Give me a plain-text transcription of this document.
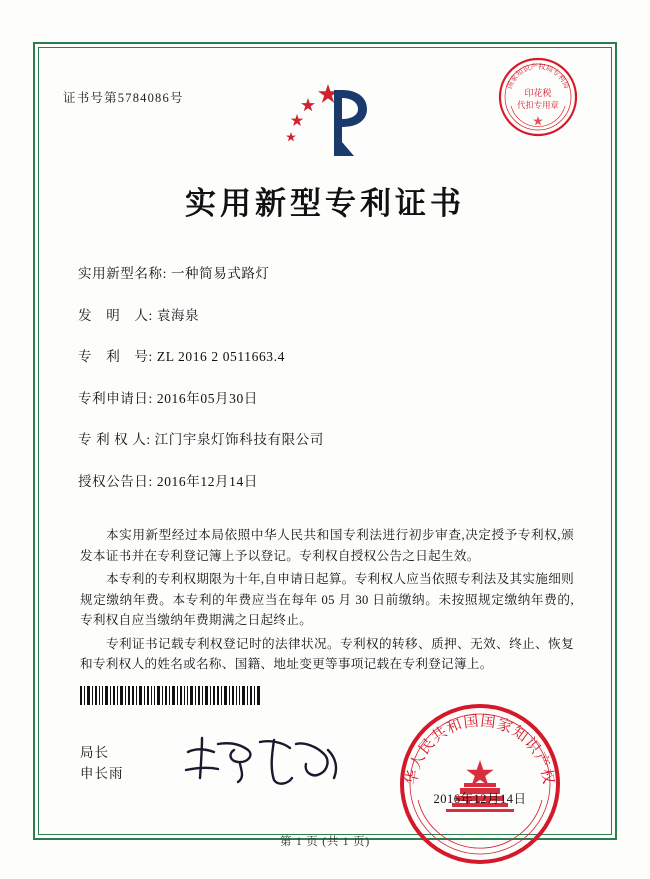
证书号第5784086号
国家知识产权局专利局
印花税
代扣专用章
实用新型专利证书
实用新型名称: 一种简易式路灯
发　明　人: 袁海泉
专　利　号: ZL 2016 2 0511663.4
专利申请日: 2016年05月30日
专 利 权 人: 江门宇泉灯饰科技有限公司
授权公告日: 2016年12月14日

本实用新型经过本局依照中华人民共和国专利法进行初步审查,决定授予专利权,颁发本证书并在专利登记簿上予以登记。专利权自授权公告之日起生效。

本专利的专利权期限为十年,自申请日起算。专利权人应当依照专利法及其实施细则规定缴纳年费。本专利的年费应当在每年 05 月 30 日前缴纳。未按照规定缴纳年费的,专利权自应当缴纳年费期满之日起终止。

专利证书记载专利权登记时的法律状况。专利权的转移、质押、无效、终止、恢复和专利权人的姓名或名称、国籍、地址变更等事项记载在专利登记簿上。

局长
申长雨	华人民共和国国家知识产权
2016年12月14日
第 1 页 (共 1 页)
